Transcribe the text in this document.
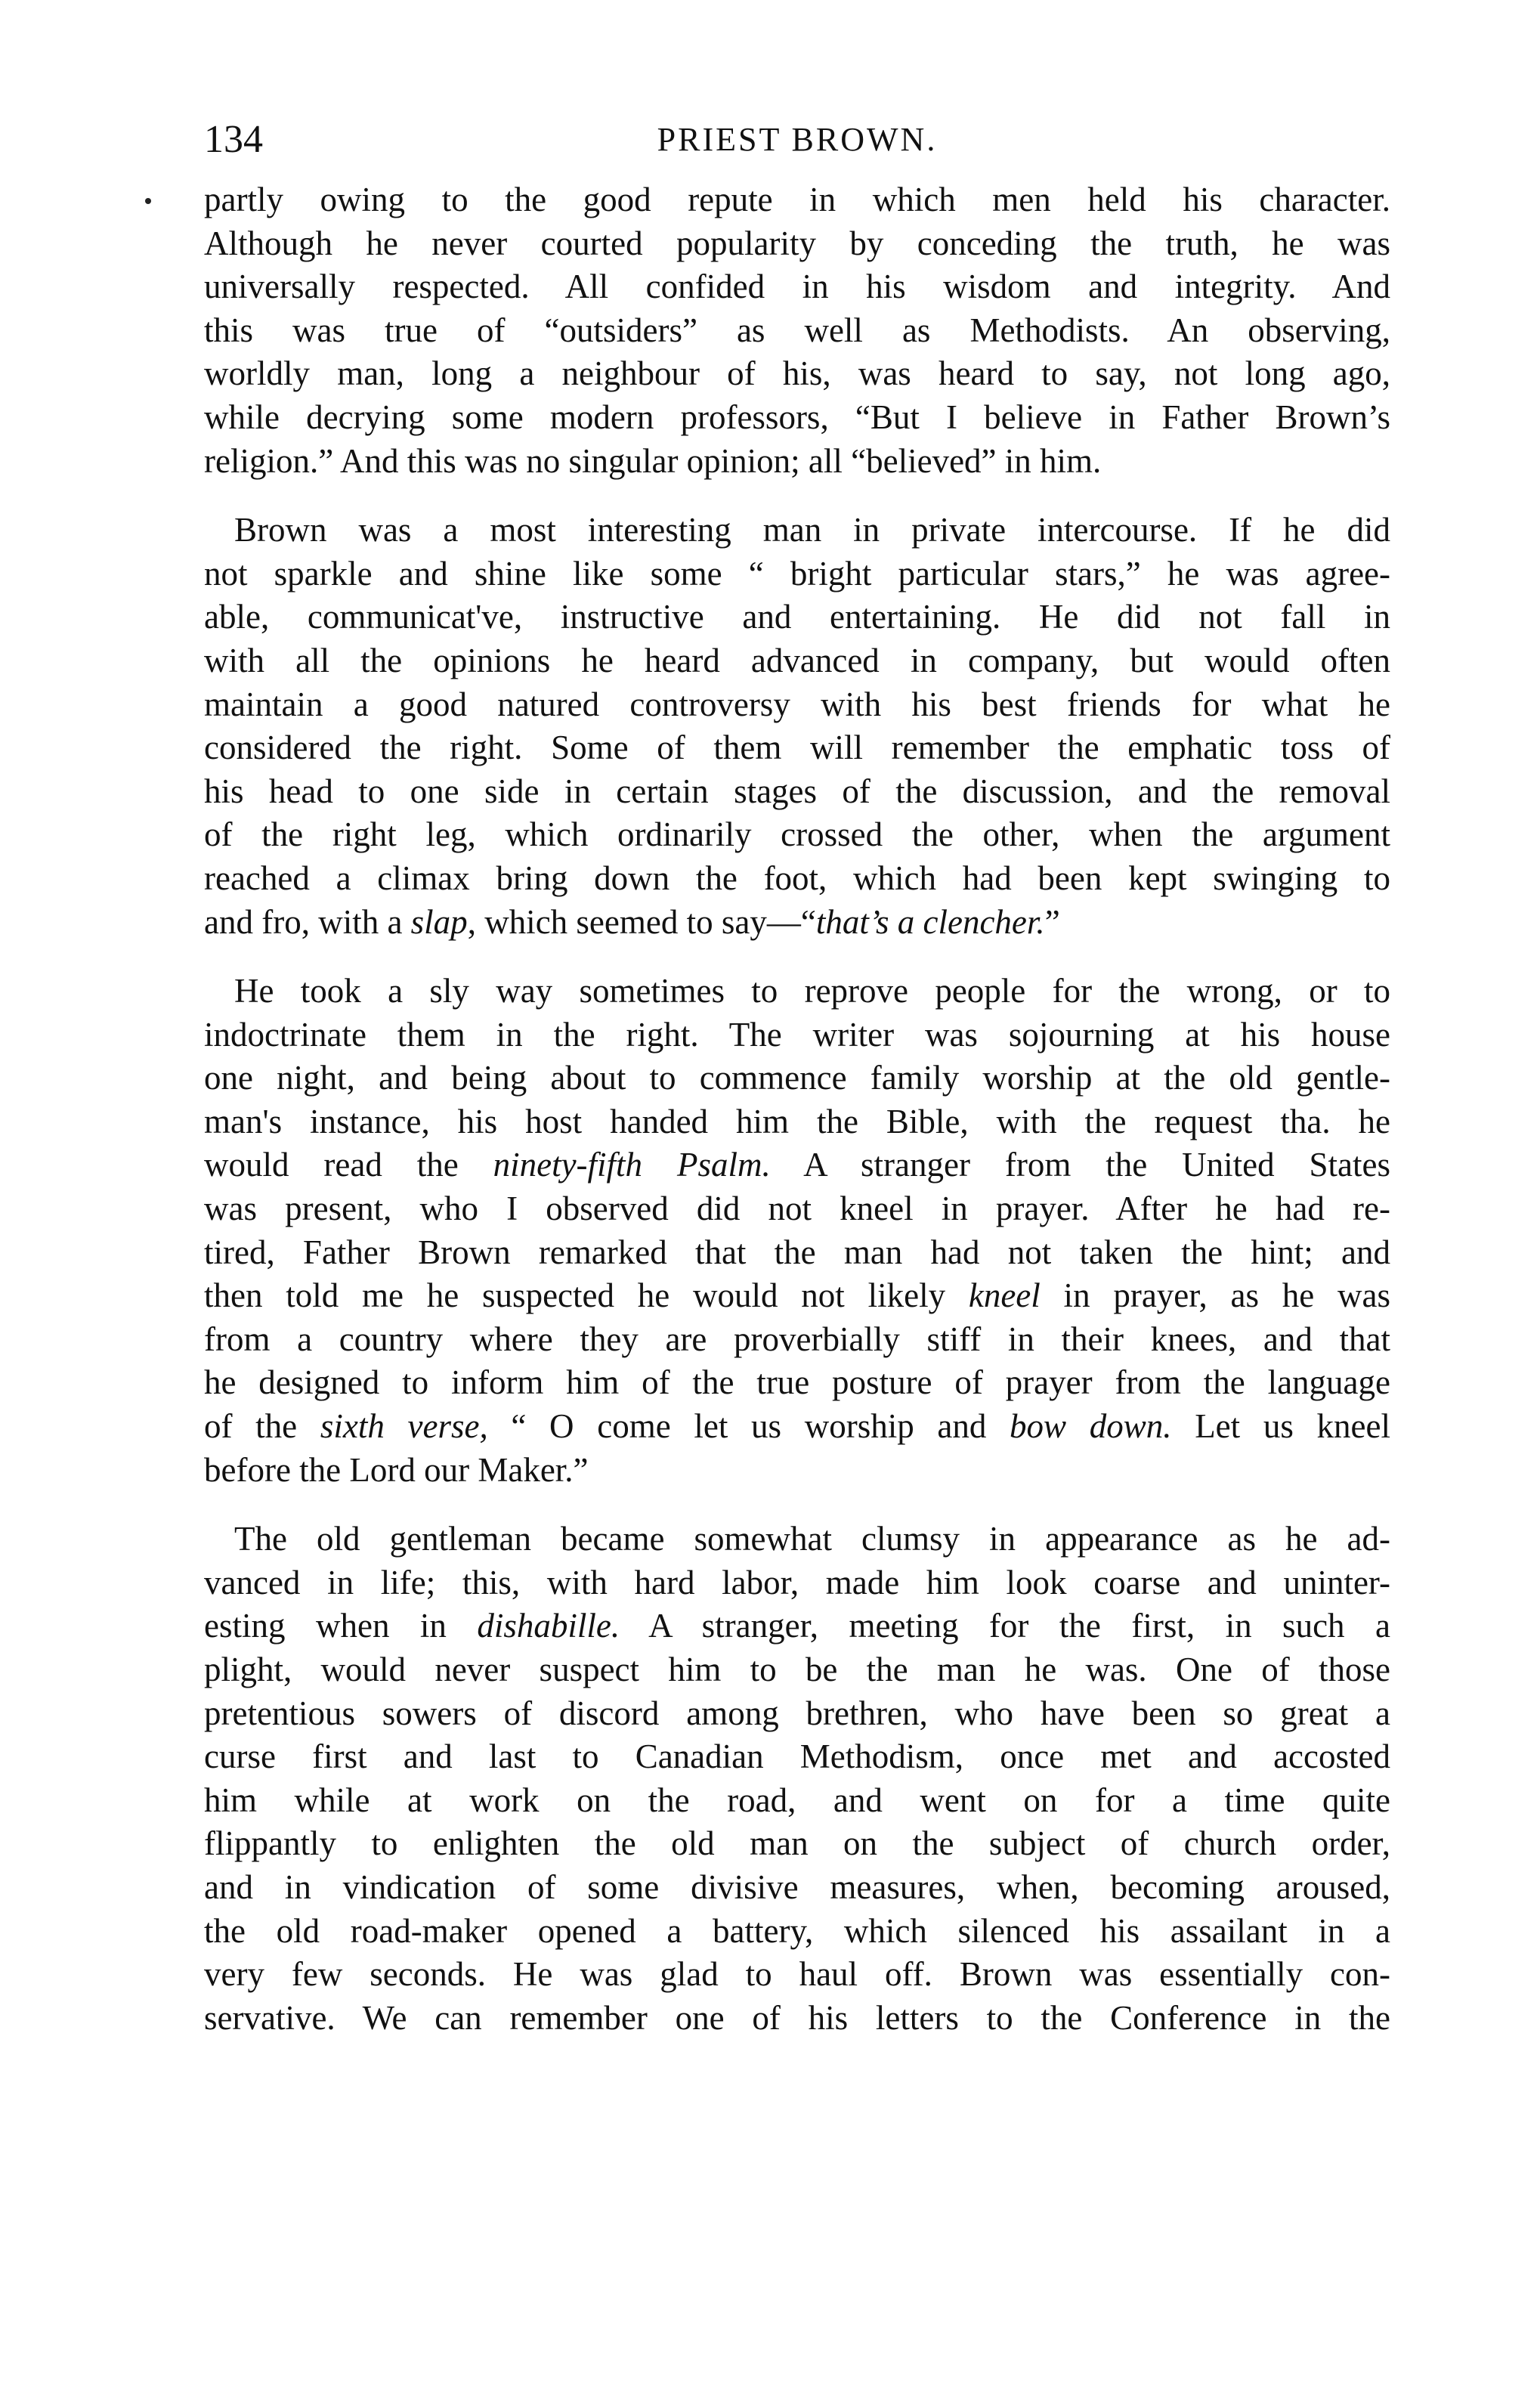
134	PRIEST BROWN.
partly owing to the good repute in which men held his character.
Although he never courted popularity by conceding the truth, he was
universally respected. All confided in his wisdom and integrity. And
this was true of “outsiders” as well as Methodists. An observing,
worldly man, long a neighbour of his, was heard to say, not long ago,
while decrying some modern professors, “But I believe in Father Brown’s
religion.” And this was no singular opinion; all “believed” in him.
Brown was a most interesting man in private intercourse. If he did
not sparkle and shine like some “ bright particular stars,” he was agree-
able, communicat've, instructive and entertaining. He did not fall in
with all the opinions he heard advanced in company, but would often
maintain a good natured controversy with his best friends for what he
considered the right. Some of them will remember the emphatic toss of
his head to one side in certain stages of the discussion, and the removal
of the right leg, which ordinarily crossed the other, when the argument
reached a climax bring down the foot, which had been kept swinging to
and fro, with a slap, which seemed to say—“that’s a clencher.”
He took a sly way sometimes to reprove people for the wrong, or to
indoctrinate them in the right. The writer was sojourning at his house
one night, and being about to commence family worship at the old gentle-
man's instance, his host handed him the Bible, with the request tha. he
would read the ninety-fifth Psalm. A stranger from the United States
was present, who I observed did not kneel in prayer. After he had re-
tired, Father Brown remarked that the man had not taken the hint; and
then told me he suspected he would not likely kneel in prayer, as he was
from a country where they are proverbially stiff in their knees, and that
he designed to inform him of the true posture of prayer from the language
of the sixth verse, “ O come let us worship and bow down. Let us kneel
before the Lord our Maker.”
The old gentleman became somewhat clumsy in appearance as he ad-
vanced in life; this, with hard labor, made him look coarse and uninter-
esting when in dishabille. A stranger, meeting for the first, in such a
plight, would never suspect him to be the man he was. One of those
pretentious sowers of discord among brethren, who have been so great a
curse first and last to Canadian Methodism, once met and accosted
him while at work on the road, and went on for a time quite
flippantly to enlighten the old man on the subject of church order,
and in vindication of some divisive measures, when, becoming aroused,
the old road-maker opened a battery, which silenced his assailant in a
very few seconds. He was glad to haul off. Brown was essentially con-
servative. We can remember one of his letters to the Conference in the
